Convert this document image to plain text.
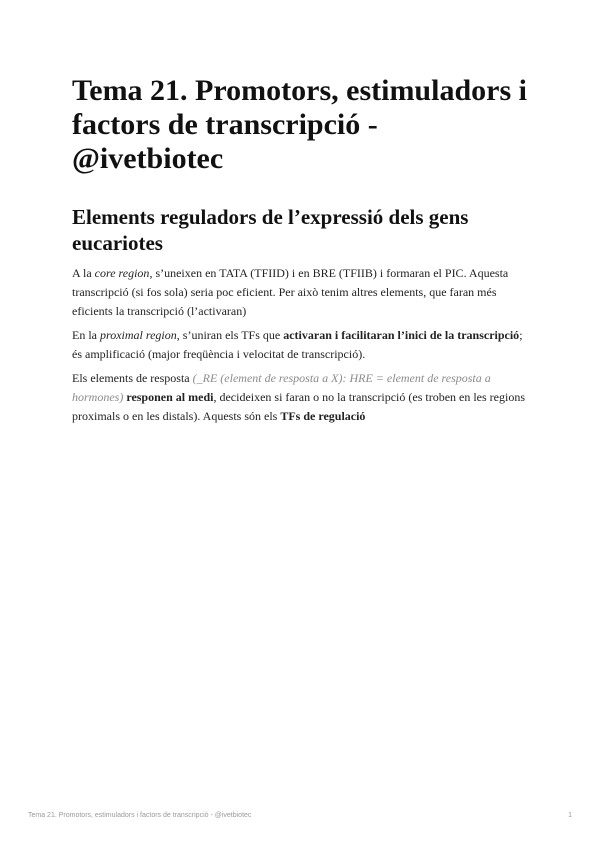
Tema 21. Promotors, estimuladors i factors de transcripció - @ivetbiotec
Elements reguladors de l’expressió dels gens eucariotes

A la core region, s’uneixen en TATA (TFIID) i en BRE (TFIIB) i formaran el PIC. Aquesta transcripció (si fos sola) seria poc eficient. Per això tenim altres elements, que faran més eficients la transcripció (l’activaran)

En la proximal region, s’uniran els TFs que activaran i facilitaran l’inici de la transcripció; és amplificació (major freqüència i velocitat de transcripció).

Els elements de resposta (_RE (element de resposta a X): HRE = element de resposta a hormones) responen al medi, decideixen si faran o no la transcripció (es troben en les regions proximals o en les distals). Aquests són els TFs de regulació

Tema 21. Promotors, estimuladors i factors de transcripció - @ivetbiotec	1
